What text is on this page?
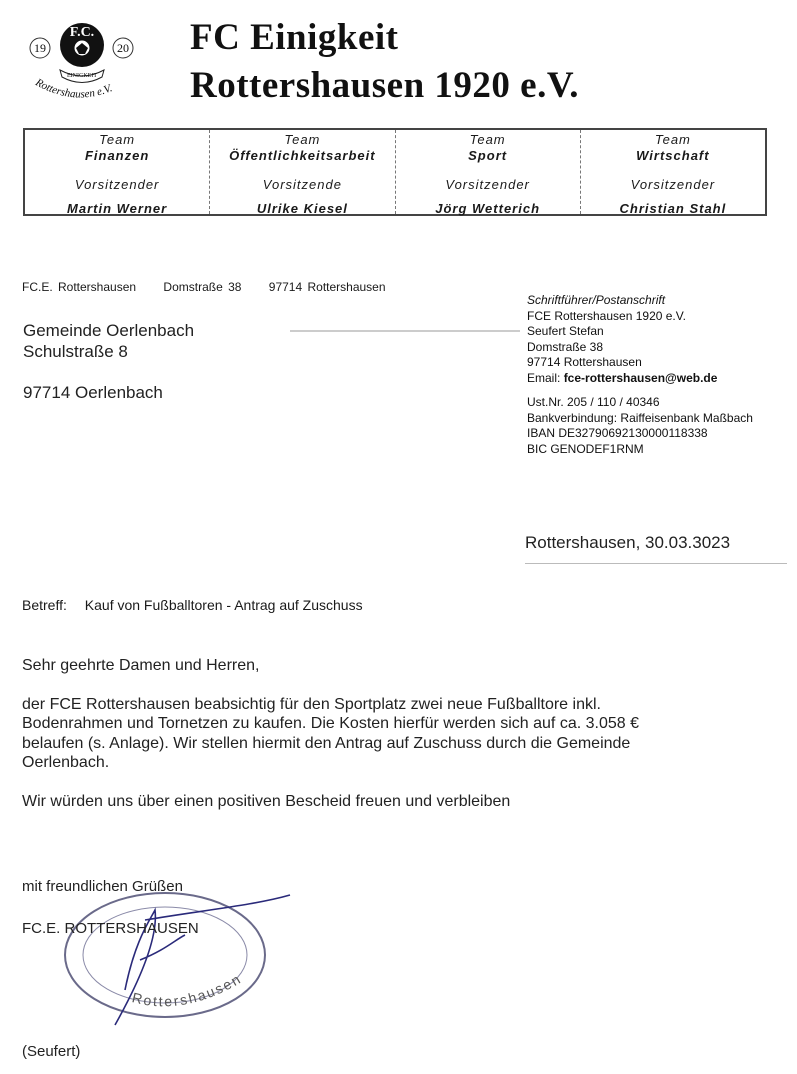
F.C.
19	20
EINIGKEIT
Rottershausen e.V.
FC Einigkeit
Rottershausen 1920 e.V.
Team
Finanzen
Vorsitzender
Martin Werner
Team
Öffentlichkeitsarbeit
Vorsitzende
Ulrike Kiesel
Team
Sport
Vorsitzender
Jörg Wetterich
Team
Wirtschaft
Vorsitzender
Christian Stahl
FC.E. Rottershausen Domstraße 38 97714 Rottershausen
Gemeinde Oerlenbach
Schulstraße 8
97714 Oerlenbach
Schriftführer/Postanschrift
FCE Rottershausen 1920 e.V.
Seufert Stefan
Domstraße 38
97714 Rottershausen
Email: fce-rottershausen@web.de
Ust.Nr. 205 / 110 / 40346
Bankverbindung: Raiffeisenbank Maßbach
IBAN DE32790692130000118338
BIC GENODEF1RNM
Rottershausen, 30.03.3023
Betreff: Kauf von Fußballtoren - Antrag auf Zuschuss

Sehr geehrte Damen und Herren,

der FCE Rottershausen beabsichtig für den Sportplatz zwei neue Fußballtore inkl.
Bodenrahmen und Tornetzen zu kaufen. Die Kosten hierfür werden sich auf ca. 3.058 €
belaufen (s. Anlage). Wir stellen hiermit den Antrag auf Zuschuss durch die Gemeinde
Oerlenbach.

Wir würden uns über einen positiven Bescheid freuen und verbleiben

Rottershausen
mit freundlichen Grüßen
FC.E. ROTTERSHAUSEN
(Seufert)
